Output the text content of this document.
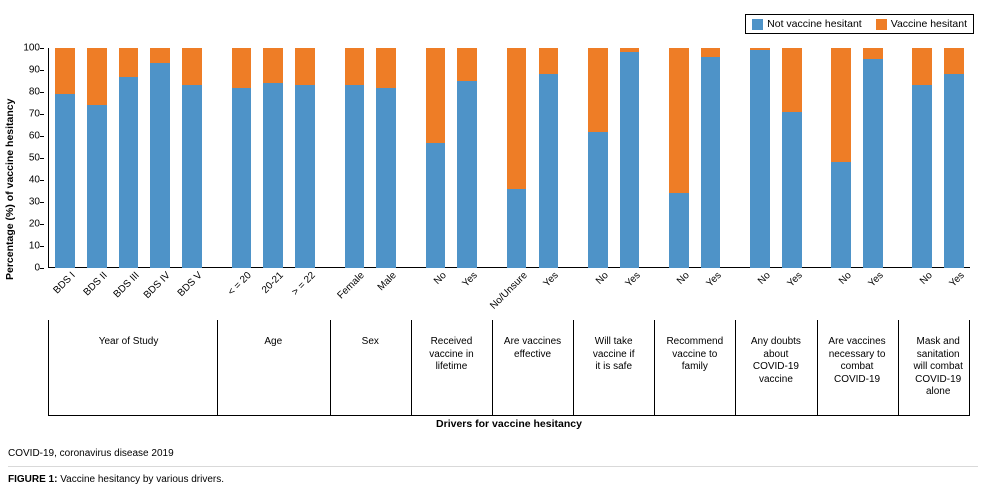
Not vaccine hesitant	Vaccine hesitant
Percentage (%) of vaccine hesitancy	0
10
20
30
40
50
60
70
80
90
100
BDS I BDS II BDS III BDS IV BDS V < = 20 20-21 > = 22 Female Male	No Yes No/Unsure Yes	No Yes	No Yes	No Yes	No Yes	No Yes
Year of Study	Age	Sex	Received
vaccine in
lifetime
Are vaccines
effective
Will take
vaccine if
it is safe
Recommend
vaccine to
family
Any doubts
about
COVID-19
vaccine
Are vaccines
necessary to
combat
COVID-19
Mask and
sanitation
will combat
COVID-19
alone
Drivers for vaccine hesitancy
COVID-19, coronavirus disease 2019
FIGURE 1: Vaccine hesitancy by various drivers.
